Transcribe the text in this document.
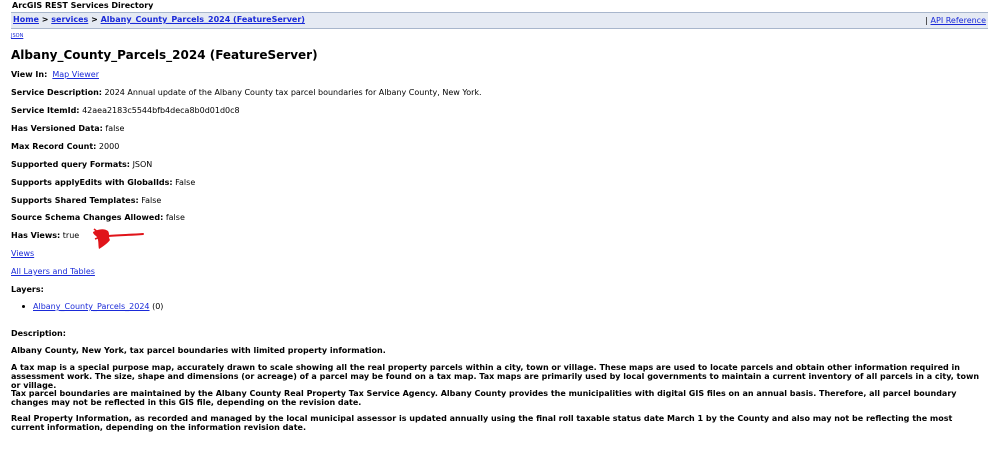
ArcGIS REST Services Directory
Home > services > Albany_County_Parcels_2024 (FeatureServer)	| API Reference
JSON
Albany_County_Parcels_2024 (FeatureServer)
View In: Map Viewer
Service Description: 2024 Annual update of the Albany County tax parcel boundaries for Albany County, New York.
Service ItemId: 42aea2183c5544bfb4deca8b0d01d0c8
Has Versioned Data: false
Max Record Count: 2000
Supported query Formats: JSON
Supports applyEdits with GlobalIds: False
Supports Shared Templates: False
Source Schema Changes Allowed: false
Has Views: true
Views
All Layers and Tables
Layers:
Albany_County_Parcels_2024 (0)
Description:
Albany County, New York, tax parcel boundaries with limited property information.
A tax map is a special purpose map, accurately drawn to scale showing all the real property parcels within a city, town or village. These maps are used to locate parcels and obtain other information required in assessment work. The size, shape and dimensions (or acreage) of a parcel may be found on a tax map. Tax maps are primarily used by local governments to maintain a current inventory of all parcels in a city, town or village.
Tax parcel boundaries are maintained by the Albany County Real Property Tax Service Agency. Albany County provides the municipalities with digital GIS files on an annual basis. Therefore, all parcel boundary changes may not be reflected in this GIS file, depending on the revision date.
Real Property Information, as recorded and managed by the local municipal assessor is updated annually using the final roll taxable status date March 1 by the County and also may not be reflecting the most current information, depending on the information revision date.
